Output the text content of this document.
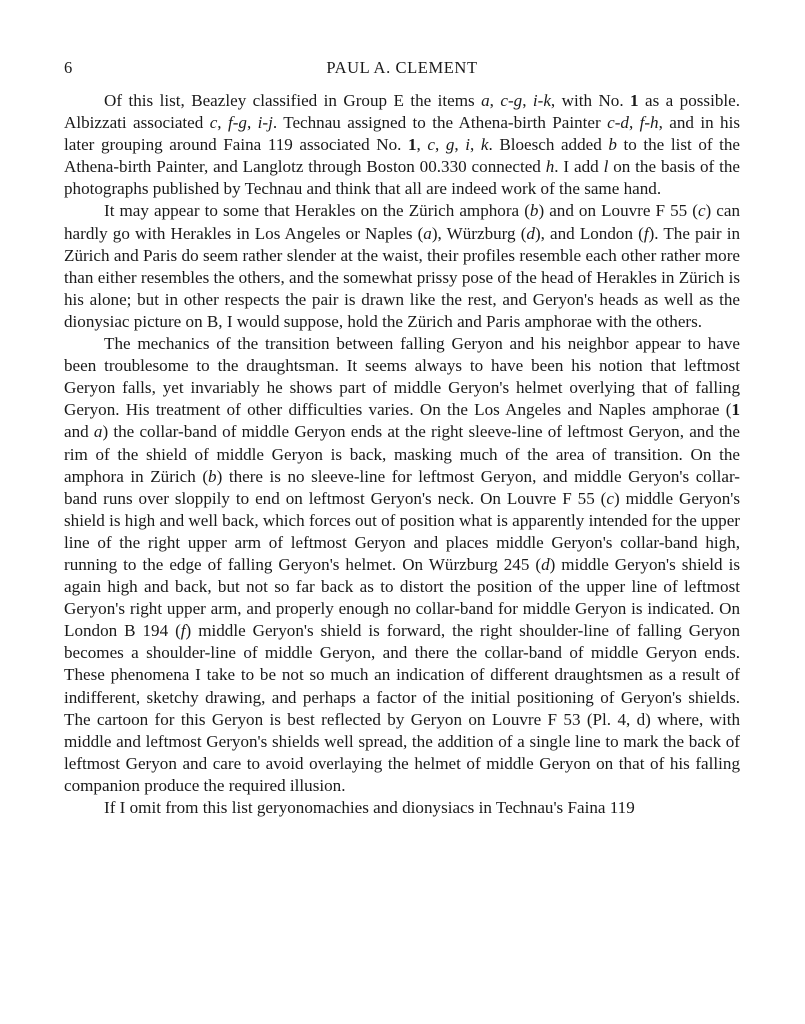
6	PAUL A. CLEMENT

Of this list, Beazley classified in Group E the items a, c-g, i-k, with No. 1 as a possible. Albizzati associated c, f-g, i-j. Technau assigned to the Athena-birth Painter c-d, f-h, and in his later grouping around Faina 119 associated No. 1, c, g, i, k. Bloesch added b to the list of the Athena-birth Painter, and Langlotz through Boston 00.330 connected h. I add l on the basis of the photographs published by Technau and think that all are indeed work of the same hand.

It may appear to some that Herakles on the Zürich amphora (b) and on Louvre F 55 (c) can hardly go with Herakles in Los Angeles or Naples (a), Würzburg (d), and London (f). The pair in Zürich and Paris do seem rather slender at the waist, their profiles resemble each other rather more than either resembles the others, and the somewhat prissy pose of the head of Herakles in Zürich is his alone; but in other respects the pair is drawn like the rest, and Geryon's heads as well as the dionysiac picture on B, I would suppose, hold the Zürich and Paris amphorae with the others.

The mechanics of the transition between falling Geryon and his neighbor appear to have been troublesome to the draughtsman. It seems always to have been his notion that leftmost Geryon falls, yet invariably he shows part of middle Geryon's helmet overlying that of falling Geryon. His treatment of other difficulties varies. On the Los Angeles and Naples amphorae (1 and a) the collar-band of middle Geryon ends at the right sleeve-line of leftmost Geryon, and the rim of the shield of middle Geryon is back, masking much of the area of transition. On the amphora in Zürich (b) there is no sleeve-line for leftmost Geryon, and middle Geryon's collar-band runs over sloppily to end on leftmost Geryon's neck. On Louvre F 55 (c) middle Geryon's shield is high and well back, which forces out of position what is apparently intended for the upper line of the right upper arm of leftmost Geryon and places middle Geryon's collar-band high, running to the edge of falling Geryon's helmet. On Würzburg 245 (d) middle Geryon's shield is again high and back, but not so far back as to distort the position of the upper line of leftmost Geryon's right upper arm, and properly enough no collar-band for middle Geryon is indicated. On London B 194 (f) middle Geryon's shield is forward, the right shoulder-line of falling Geryon becomes a shoulder-line of middle Geryon, and there the collar-band of middle Geryon ends. These phenomena I take to be not so much an indication of different draughtsmen as a result of indifferent, sketchy drawing, and perhaps a factor of the initial positioning of Geryon's shields. The cartoon for this Geryon is best reflected by Geryon on Louvre F 53 (Pl. 4, d) where, with middle and leftmost Geryon's shields well spread, the addition of a single line to mark the back of leftmost Geryon and care to avoid overlaying the helmet of middle Geryon on that of his falling companion produce the required illusion.

If I omit from this list geryonomachies and dionysiacs in Technau's Faina 119
